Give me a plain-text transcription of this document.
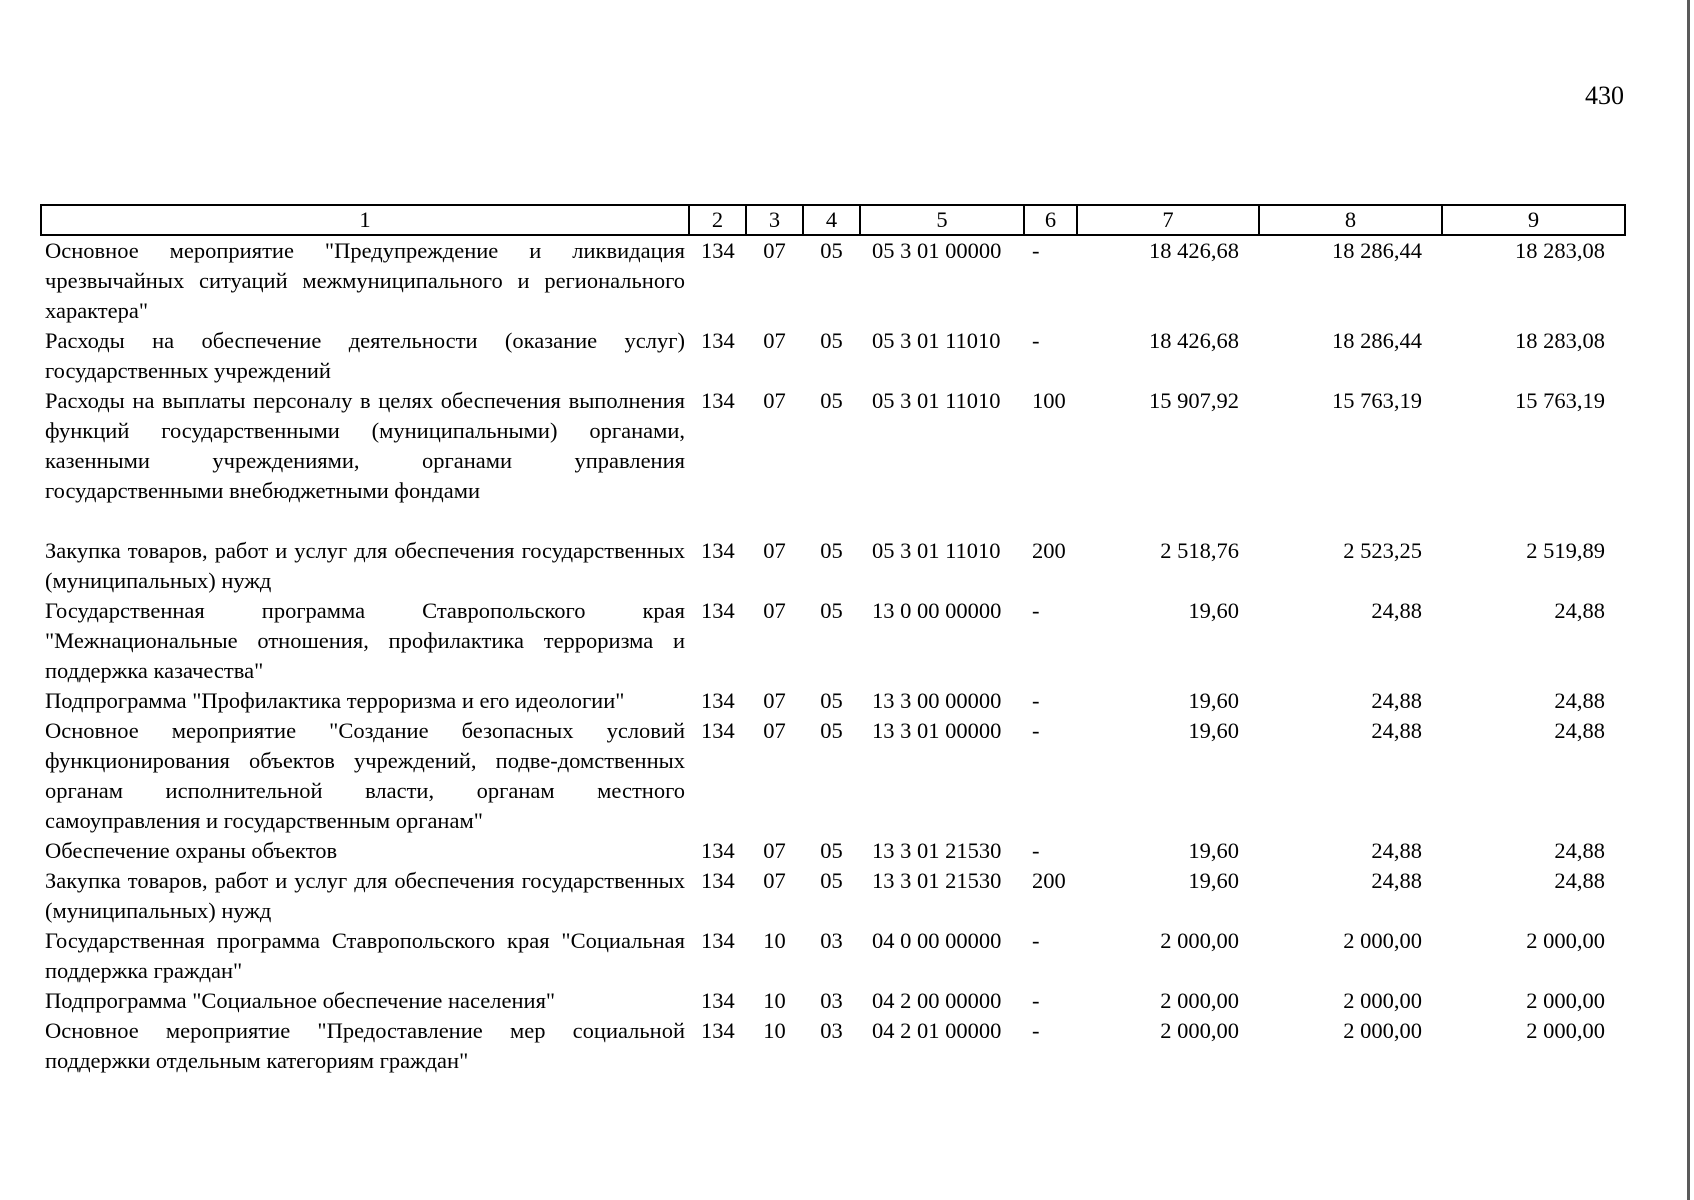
430
1	2	3	4	5	6	7	8	9
Основное мероприятие "Предупреждение и ликвидация чрезвычайных ситуаций межмуниципального и регионального характера"	134	07	05	05 3 01 00000	-	18 426,68	18 286,44	18 283,08
Расходы на обеспечение деятельности (оказание услуг) государственных учреждений	134	07	05	05 3 01 11010	-	18 426,68	18 286,44	18 283,08
Расходы на выплаты персоналу в целях обеспечения выполнения функций государственными (муниципальными) органами, казенными учреждениями, органами управления государственными внебюджетными фондами	134	07	05	05 3 01 11010	100	15 907,92	15 763,19	15 763,19
Закупка товаров, работ и услуг для обеспечения государственных (муниципальных) нужд	134	07	05	05 3 01 11010	200	2 518,76	2 523,25	2 519,89
Государственная программа Ставропольского края "Межнациональные отношения, профилактика терроризма и поддержка казачества"	134	07	05	13 0 00 00000	-	19,60	24,88	24,88
Подпрограмма "Профилактика терроризма и его идеологии"	134	07	05	13 3 00 00000	-	19,60	24,88	24,88
Основное мероприятие "Создание безопасных условий функционирования объектов учреждений, подве-домственных органам исполнительной власти, органам местного самоуправления и государственным органам"	134	07	05	13 3 01 00000	-	19,60	24,88	24,88
Обеспечение охраны объектов	134	07	05	13 3 01 21530	-	19,60	24,88	24,88
Закупка товаров, работ и услуг для обеспечения государственных (муниципальных) нужд	134	07	05	13 3 01 21530	200	19,60	24,88	24,88
Государственная программа Ставропольского края "Социальная поддержка граждан"	134	10	03	04 0 00 00000	-	2 000,00	2 000,00	2 000,00
Подпрограмма "Социальное обеспечение населения"	134	10	03	04 2 00 00000	-	2 000,00	2 000,00	2 000,00
Основное мероприятие "Предоставление мер социальной поддержки отдельным категориям граждан"	134	10	03	04 2 01 00000	-	2 000,00	2 000,00	2 000,00
